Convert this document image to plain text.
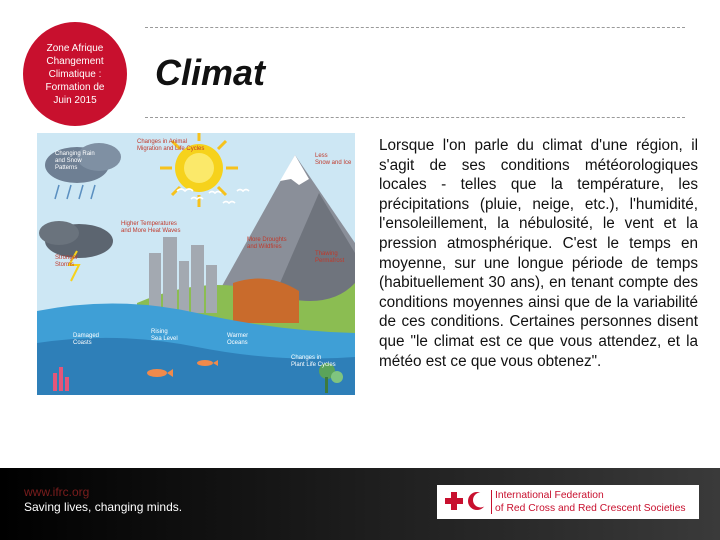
Zone Afrique
Changement
Climatique :
Formation de
Juin 2015
Climat
Changing Rain and Snow Patterns
Changes in Animal Migration and Life Cycles
Less Snow and Ice
Higher Temperatures and More Heat Waves
More Droughts and Wildfires
Stronger Storms
Thawing Permafrost
Damaged Coasts
Rising Sea Level	Warmer Oceans
Changes in Plant Life Cycles

Lorsque l'on parle du climat d'une région, il s'agit de ses conditions météorologiques locales - telles que la température, les précipitations (pluie, neige, etc.), l'humidité, l'ensoleillement, la nébulosité, le vent et la pression atmosphérique. C'est le temps en moyenne, sur une longue période de temps (habituellement 30 ans), en tenant compte des conditions moyennes ainsi que de la variabilité de ces conditions. Certaines personnes disent que "le climat est ce que vous attendez, et la météo est ce que vous obtenez".

www.ifrc.org
Saving lives, changing minds.
International Federation
of Red Cross and Red Crescent Societies
